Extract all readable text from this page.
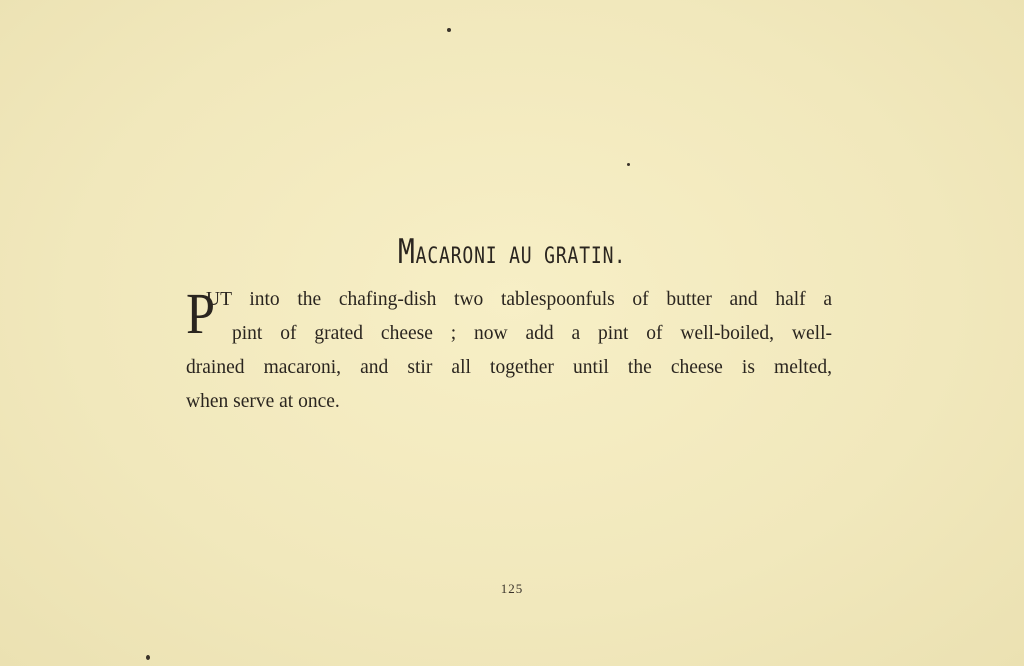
MACARONI AU GRATIN.
P
UT into the chafing-dish two tablespoonfuls of butter and half a
pint of grated cheese ; now add a pint of well-boiled, well-
drained macaroni, and stir all together until the cheese is melted,
when serve at once.
125
